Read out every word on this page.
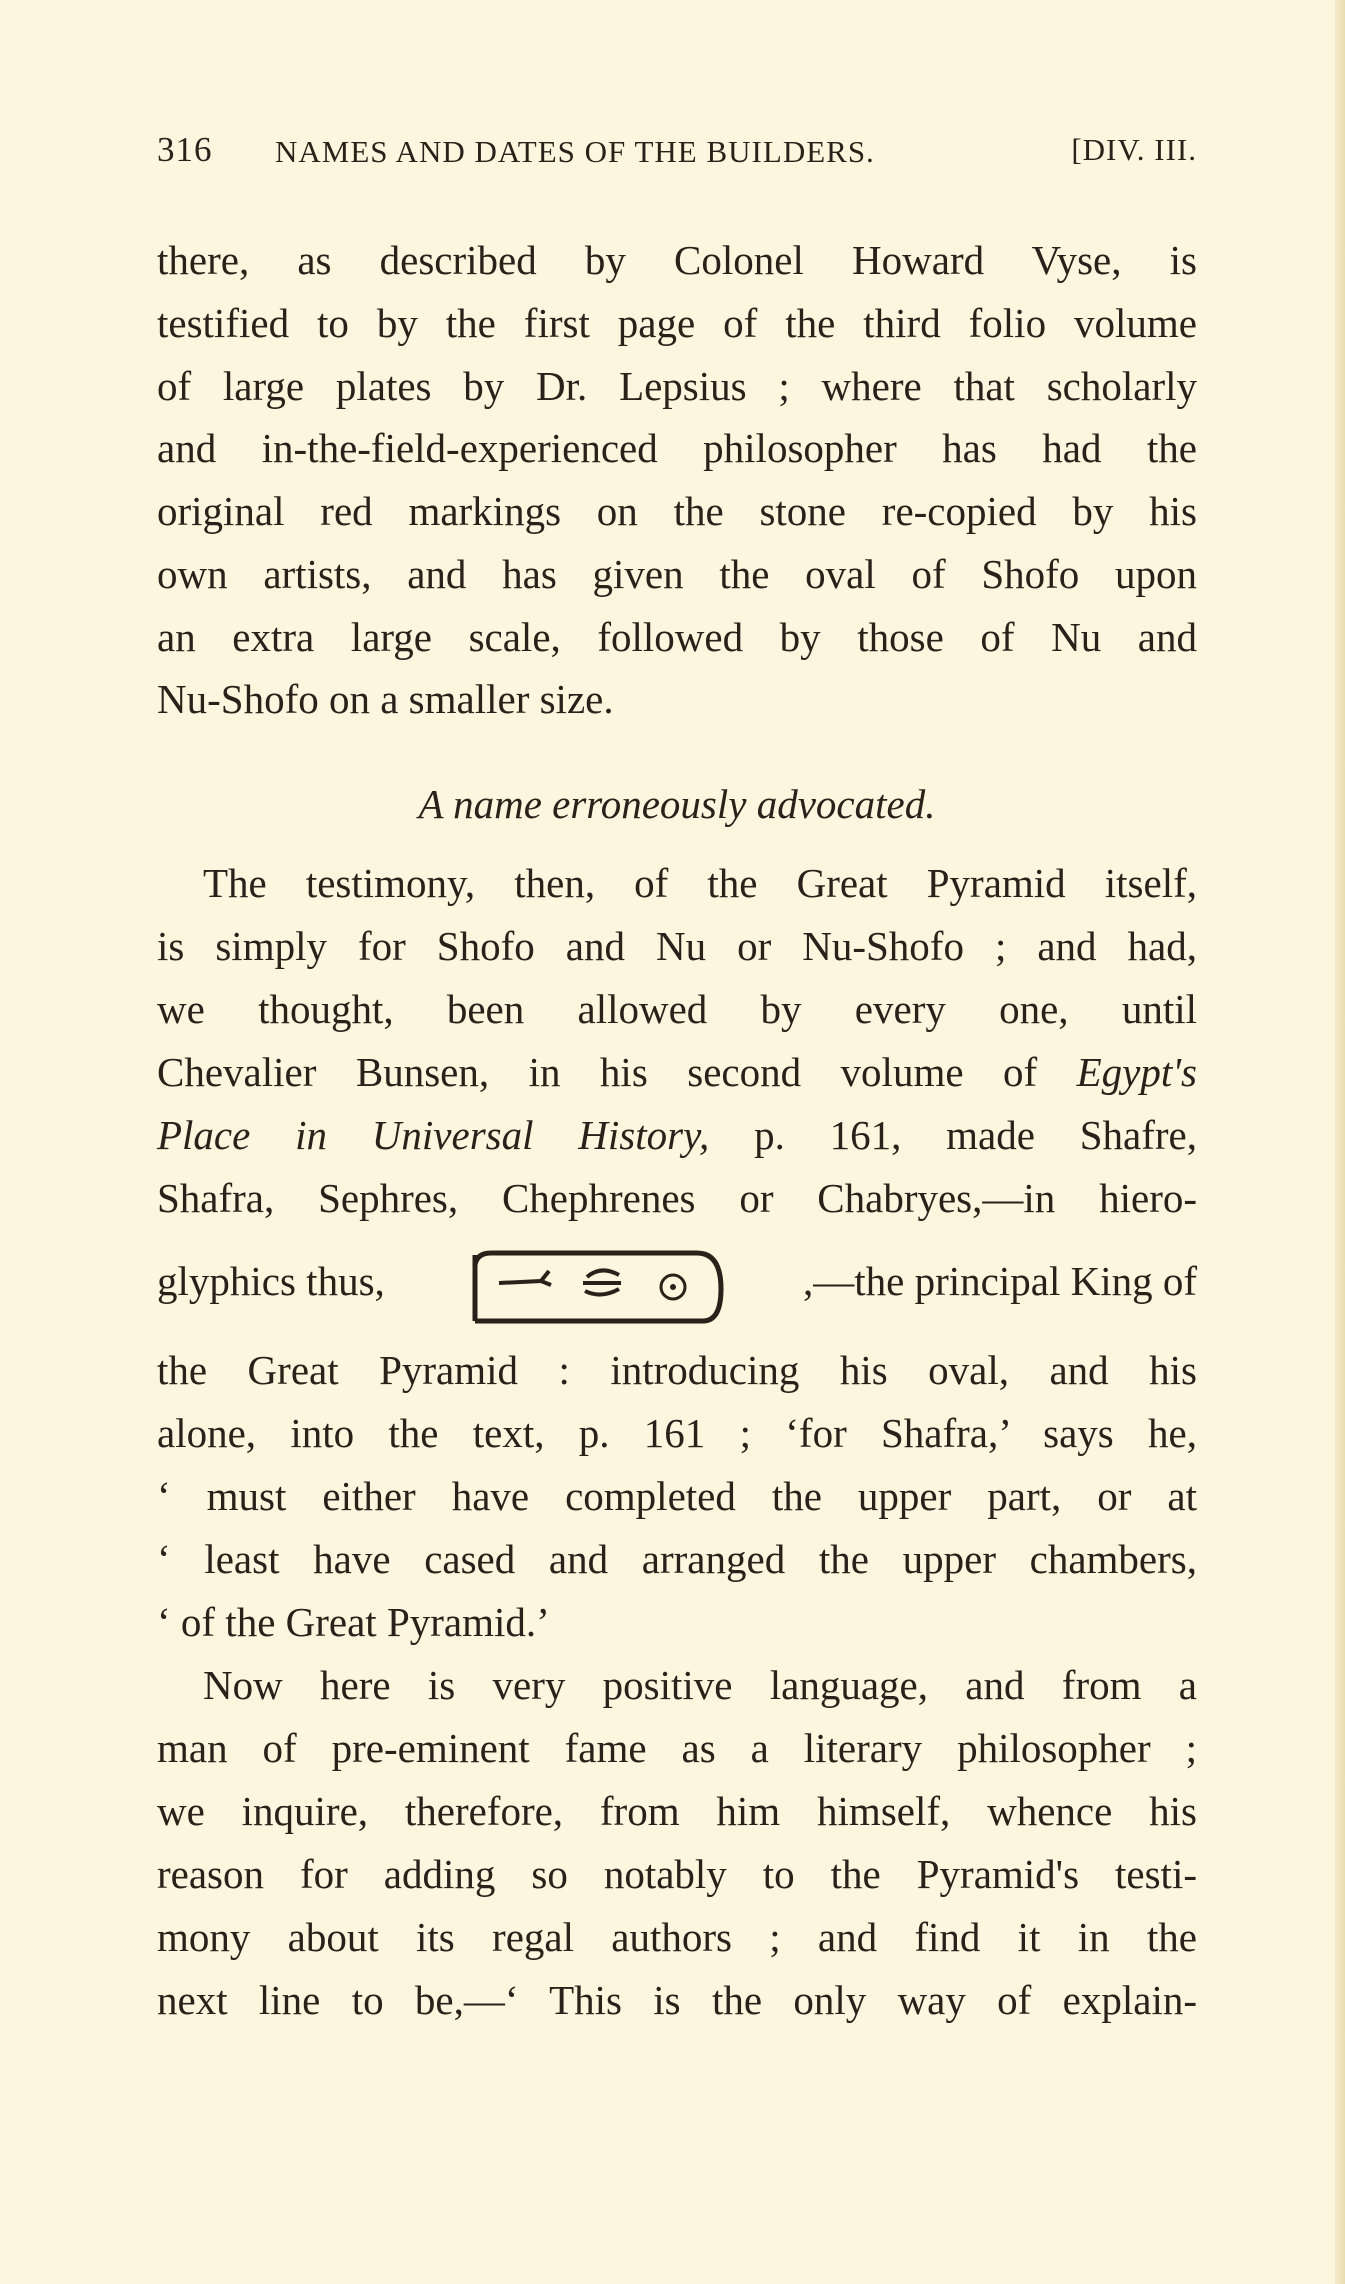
316 NAMES AND DATES OF THE BUILDERS.	[DIV. III.
there, as described by Colonel Howard Vyse, is
testified to by the first page of the third folio volume
of large plates by Dr. Lepsius ; where that scholarly
and in-the-field-experienced philosopher has had the
original red markings on the stone re-copied by his
own artists, and has given the oval of Shofo upon
an extra large scale, followed by those of Nu and
Nu-Shofo on a smaller size.
A name erroneously advocated.
The testimony, then, of the Great Pyramid itself,
is simply for Shofo and Nu or Nu-Shofo ; and had,
we thought, been allowed by every one, until
Chevalier Bunsen, in his second volume of Egypt's
Place in Universal History, p. 161, made Shafre,
Shafra, Sephres, Chephrenes or Chabryes,—in hiero-
glyphics thus,	,—the principal King of
the Great Pyramid : introducing his oval, and his
alone, into the text, p. 161 ; ‘for Shafra,’ says he,
‘ must either have completed the upper part, or at
‘ least have cased and arranged the upper chambers,
‘ of the Great Pyramid.’
Now here is very positive language, and from a
man of pre-eminent fame as a literary philosopher ;
we inquire, therefore, from him himself, whence his
reason for adding so notably to the Pyramid's testi-
mony about its regal authors ; and find it in the
next line to be,—‘ This is the only way of explain-
